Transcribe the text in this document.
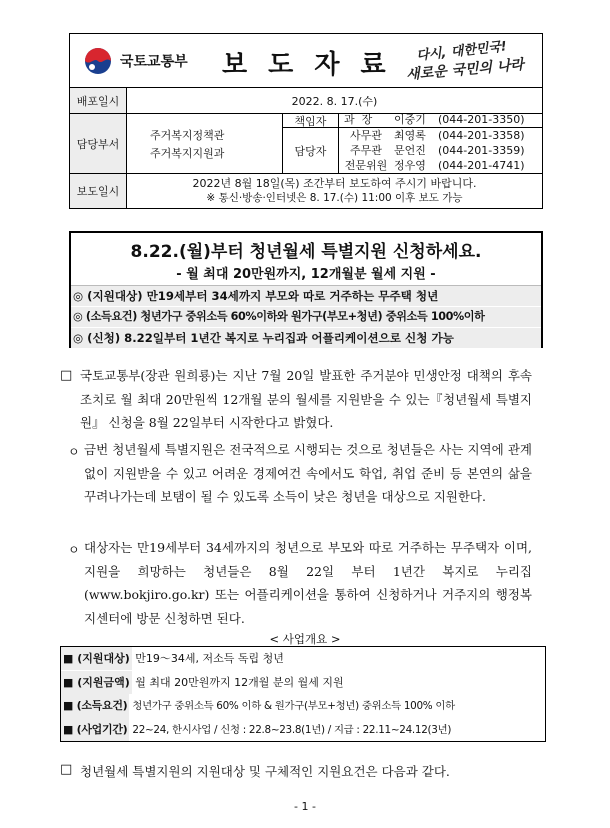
국토교통부 보 도 자 료 다시, 대한민국!
새로운 국민의 나라
배포일시	2022. 8. 17.(수)
담당부서
주거복지정책관
주거복지지원과
책임자	과  장 이중기 (044-201-3350)
담당자
사무관 최영록 (044-201-3358)
주무관 문언진 (044-201-3359)
전문위원 정우영 (044-201-4741)
보도일시
2022년 8월 18일(목) 조간부터 보도하여 주시기 바랍니다.
※ 통신·방송·인터넷은 8. 17.(수) 11:00 이후 보도 가능
8.22.(월)부터 청년월세 특별지원 신청하세요.
- 월 최대 20만원까지, 12개월분 월세 지원 -
◎ (지원대상) 만19세부터 34세까지 부모와 따로 거주하는 무주택 청년
◎ (소득요건) 청년가구 중위소득 60%이하와 원가구(부모+청년) 중위소득 100%이하
◎ (신청) 8.22일부터 1년간 복지로 누리집과 어플리케이션으로 신청 가능
□ 국토교통부(장관 원희룡)는 지난 7월 20일 발표한 주거분야 민생안정 대책의 후속조치로 월 최대 20만원씩 12개월 분의 월세를 지원받을 수 있는『청년월세 특별지원』 신청을 8월 22일부터 시작한다고 밝혔다.
ㅇ 금번 청년월세 특별지원은 전국적으로 시행되는 것으로 청년들은 사는 지역에 관계없이 지원받을 수 있고 어려운 경제여건 속에서도 학업, 취업 준비 등 본연의 삶을 꾸려나가는데 보탬이 될 수 있도록 소득이 낮은 청년을 대상으로 지원한다.
ㅇ 대상자는 만19세부터 34세까지의 청년으로 부모와 따로 거주하는 무주택자 이며, 지원을 희망하는 청년들은 8월 22일 부터 1년간 복지로 누리집(www.bokjiro.go.kr) 또는 어플리케이션을 통하여 신청하거나 거주지의 행정복지센터에 방문 신청하면 된다.
< 사업개요 >
■ (지원대상) 만19～34세, 저소득 독립 청년
■ (지원금액) 월 최대 20만원까지 12개월 분의 월세 지원
■ (소득요건) 청년가구 중위소득 60% 이하 & 원가구(부모+청년) 중위소득 100% 이하
■ (사업기간) 22∼24, 한시사업 / 신청 : 22.8∼23.8(1년) / 지급 : 22.11∼24.12(3년)
□ 청년월세 특별지원의 지원대상 및 구체적인 지원요건은 다음과 같다.
- 1 -
